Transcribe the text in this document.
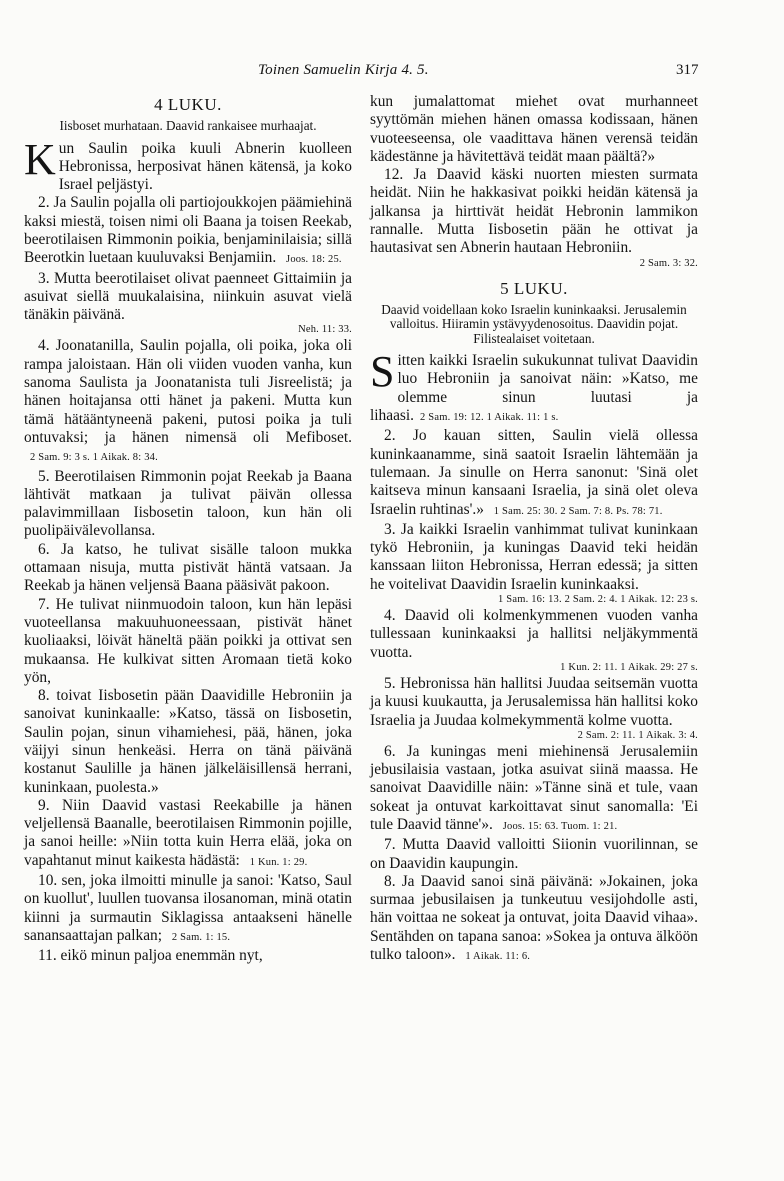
Toinen Samuelin Kirja 4. 5.	317
4 LUKU.
Iisboset murhataan. Daavid rankaisee murhaajat.

Kun Saulin poika kuuli Abnerin kuolleen Hebronissa, herposivat hänen kätensä, ja koko Israel peljästyi.

2. Ja Saulin pojalla oli partiojoukkojen päämiehinä kaksi miestä, toisen nimi oli Baana ja toisen Reekab, beerotilaisen Rimmonin poikia, benjaminilaisia; sillä Beerotkin luetaan kuuluvaksi Benjamiin. Joos. 18: 25.

3. Mutta beerotilaiset olivat paenneet Gittaimiin ja asuivat siellä muukalaisina, niinkuin asuvat vielä tänäkin päivänä.
Neh. 11: 33.

4. Joonatanilla, Saulin pojalla, oli poika, joka oli rampa jaloistaan. Hän oli viiden vuoden vanha, kun sanoma Saulista ja Joonatanista tuli Jisreelistä; ja hänen hoitajansa otti hänet ja pakeni. Mutta kun tämä hätääntyneenä pakeni, putosi poika ja tuli ontuvaksi; ja hänen nimensä oli Mefiboset. 2 Sam. 9: 3 s. 1 Aikak. 8: 34.

5. Beerotilaisen Rimmonin pojat Reekab ja Baana lähtivät matkaan ja tulivat päivän ollessa palavimmillaan Iisbosetin taloon, kun hän oli puolipäivälevollansa.

6. Ja katso, he tulivat sisälle taloon mukka ottamaan nisuja, mutta pistivät häntä vatsaan. Ja Reekab ja hänen veljensä Baana pääsivät pakoon.

7. He tulivat niinmuodoin taloon, kun hän lepäsi vuoteellansa makuuhuoneessaan, pistivät hänet kuoliaaksi, löivät häneltä pään poikki ja ottivat sen mukaansa. He kulkivat sitten Aromaan tietä koko yön,

8. toivat Iisbosetin pään Daavidille Hebroniin ja sanoivat kuninkaalle: »Katso, tässä on Iisbosetin, Saulin pojan, sinun vihamiehesi, pää, hänen, joka väijyi sinun henkeäsi. Herra on tänä päivänä kostanut Saulille ja hänen jälkeläisillensä herrani, kuninkaan, puolesta.»

9. Niin Daavid vastasi Reekabille ja hänen veljellensä Baanalle, beerotilaisen Rimmonin pojille, ja sanoi heille: »Niin totta kuin Herra elää, joka on vapahtanut minut kaikesta hädästä: 1 Kun. 1: 29.

10. sen, joka ilmoitti minulle ja sanoi: 'Katso, Saul on kuollut', luullen tuovansa ilosanoman, minä otatin kiinni ja surmautin Siklagissa antaakseni hänelle sanansaattajan palkan; 2 Sam. 1: 15.

11. eikö minun paljoa enemmän nyt,

kun jumalattomat miehet ovat murhanneet syyttömän miehen hänen omassa kodissaan, hänen vuoteeseensa, ole vaadittava hänen verensä teidän kädestänne ja hävitettävä teidät maan päältä?»

12. Ja Daavid käski nuorten miesten surmata heidät. Niin he hakkasivat poikki heidän kätensä ja jalkansa ja hirttivät heidät Hebronin lammikon rannalle. Mutta Iisbosetin pään he ottivat ja hautasivat sen Abnerin hautaan Hebroniin.
2 Sam. 3: 32.

5 LUKU.
Daavid voidellaan koko Israelin kuninkaaksi. Jerusalemin valloitus. Hiiramin ystävyydenosoitus. Daavidin pojat. Filistealaiset voitetaan.

Sitten kaikki Israelin sukukunnat tulivat Daavidin luo Hebroniin ja sanoivat näin: »Katso, me olemme sinun luutasi ja lihaasi. 2 Sam. 19: 12. 1 Aikak. 11: 1 s.

2. Jo kauan sitten, Saulin vielä ollessa kuninkaanamme, sinä saatoit Israelin lähtemään ja tulemaan. Ja sinulle on Herra sanonut: 'Sinä olet kaitseva minun kansaani Israelia, ja sinä olet oleva Israelin ruhtinas'.» 1 Sam. 25: 30. 2 Sam. 7: 8. Ps. 78: 71.

3. Ja kaikki Israelin vanhimmat tulivat kuninkaan tykö Hebroniin, ja kuningas Daavid teki heidän kanssaan liiton Hebronissa, Herran edessä; ja sitten he voitelivat Daavidin Israelin kuninkaaksi.
1 Sam. 16: 13. 2 Sam. 2: 4. 1 Aikak. 12: 23 s.

4. Daavid oli kolmenkymmenen vuoden vanha tullessaan kuninkaaksi ja hallitsi neljäkymmentä vuotta.
1 Kun. 2: 11. 1 Aikak. 29: 27 s.

5. Hebronissa hän hallitsi Juudaa seitsemän vuotta ja kuusi kuukautta, ja Jerusalemissa hän hallitsi koko Israelia ja Juudaa kolmekymmentä kolme vuotta.
2 Sam. 2: 11. 1 Aikak. 3: 4.

6. Ja kuningas meni miehinensä Jerusalemiin jebusilaisia vastaan, jotka asuivat siinä maassa. He sanoivat Daavidille näin: »Tänne sinä et tule, vaan sokeat ja ontuvat karkoittavat sinut sanomalla: 'Ei tule Daavid tänne'». Joos. 15: 63. Tuom. 1: 21.

7. Mutta Daavid valloitti Siionin vuorilinnan, se on Daavidin kaupungin.

8. Ja Daavid sanoi sinä päivänä: »Jokainen, joka surmaa jebusilaisen ja tunkeutuu vesijohdolle asti, hän voittaa ne sokeat ja ontuvat, joita Daavid vihaa». Sentähden on tapana sanoa: »Sokea ja ontuva älköön tulko taloon». 1 Aikak. 11: 6.
